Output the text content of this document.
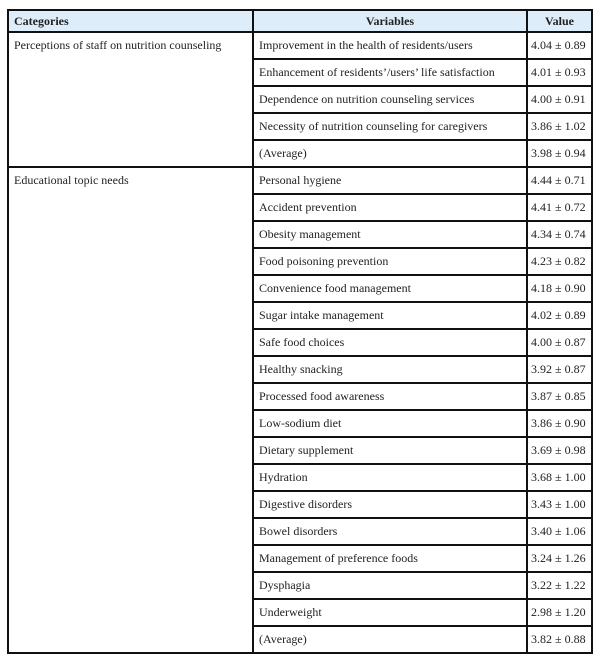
Categories	Variables	Value
Perceptions of staff on nutrition counseling	Improvement in the health of residents/users	4.04 ± 0.89
	Enhancement of residents’/users’ life satisfaction	4.01 ± 0.93
	Dependence on nutrition counseling services	4.00 ± 0.91
	Necessity of nutrition counseling for caregivers	3.86 ± 1.02
	(Average)	3.98 ± 0.94
Educational topic needs	Personal hygiene	4.44 ± 0.71
	Accident prevention	4.41 ± 0.72
	Obesity management	4.34 ± 0.74
	Food poisoning prevention	4.23 ± 0.82
	Convenience food management	4.18 ± 0.90
	Sugar intake management	4.02 ± 0.89
	Safe food choices	4.00 ± 0.87
	Healthy snacking	3.92 ± 0.87
	Processed food awareness	3.87 ± 0.85
	Low-sodium diet	3.86 ± 0.90
	Dietary supplement	3.69 ± 0.98
	Hydration	3.68 ± 1.00
	Digestive disorders	3.43 ± 1.00
	Bowel disorders	3.40 ± 1.06
	Management of preference foods	3.24 ± 1.26
	Dysphagia	3.22 ± 1.22
	Underweight	2.98 ± 1.20
	(Average)	3.82 ± 0.88
